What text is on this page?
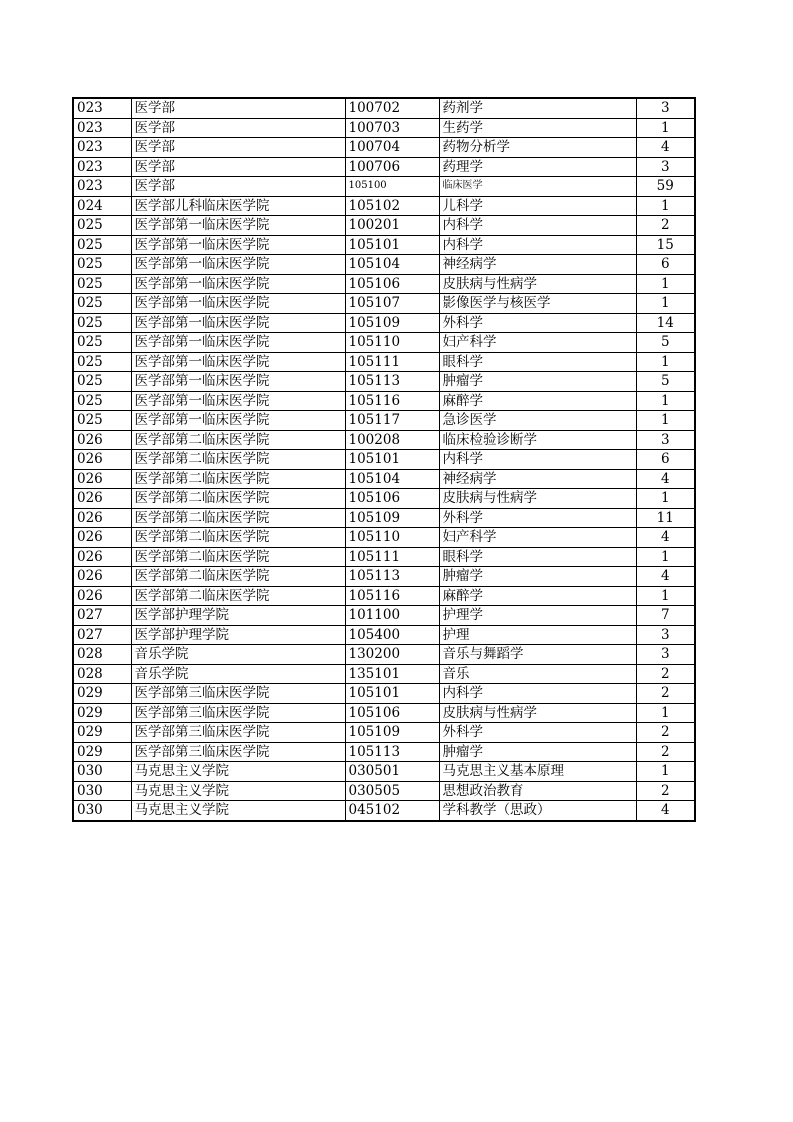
023	医学部	100702	药剂学	3
023	医学部	100703	生药学	1
023	医学部	100704	药物分析学	4
023	医学部	100706	药理学	3
023	医学部	105100	临床医学	59
024	医学部儿科临床医学院	105102	儿科学	1
025	医学部第一临床医学院	100201	内科学	2
025	医学部第一临床医学院	105101	内科学	15
025	医学部第一临床医学院	105104	神经病学	6
025	医学部第一临床医学院	105106	皮肤病与性病学	1
025	医学部第一临床医学院	105107	影像医学与核医学	1
025	医学部第一临床医学院	105109	外科学	14
025	医学部第一临床医学院	105110	妇产科学	5
025	医学部第一临床医学院	105111	眼科学	1
025	医学部第一临床医学院	105113	肿瘤学	5
025	医学部第一临床医学院	105116	麻醉学	1
025	医学部第一临床医学院	105117	急诊医学	1
026	医学部第二临床医学院	100208	临床检验诊断学	3
026	医学部第二临床医学院	105101	内科学	6
026	医学部第二临床医学院	105104	神经病学	4
026	医学部第二临床医学院	105106	皮肤病与性病学	1
026	医学部第二临床医学院	105109	外科学	11
026	医学部第二临床医学院	105110	妇产科学	4
026	医学部第二临床医学院	105111	眼科学	1
026	医学部第二临床医学院	105113	肿瘤学	4
026	医学部第二临床医学院	105116	麻醉学	1
027	医学部护理学院	101100	护理学	7
027	医学部护理学院	105400	护理	3
028	音乐学院	130200	音乐与舞蹈学	3
028	音乐学院	135101	音乐	2
029	医学部第三临床医学院	105101	内科学	2
029	医学部第三临床医学院	105106	皮肤病与性病学	1
029	医学部第三临床医学院	105109	外科学	2
029	医学部第三临床医学院	105113	肿瘤学	2
030	马克思主义学院	030501	马克思主义基本原理	1
030	马克思主义学院	030505	思想政治教育	2
030	马克思主义学院	045102	学科教学（思政）	4
